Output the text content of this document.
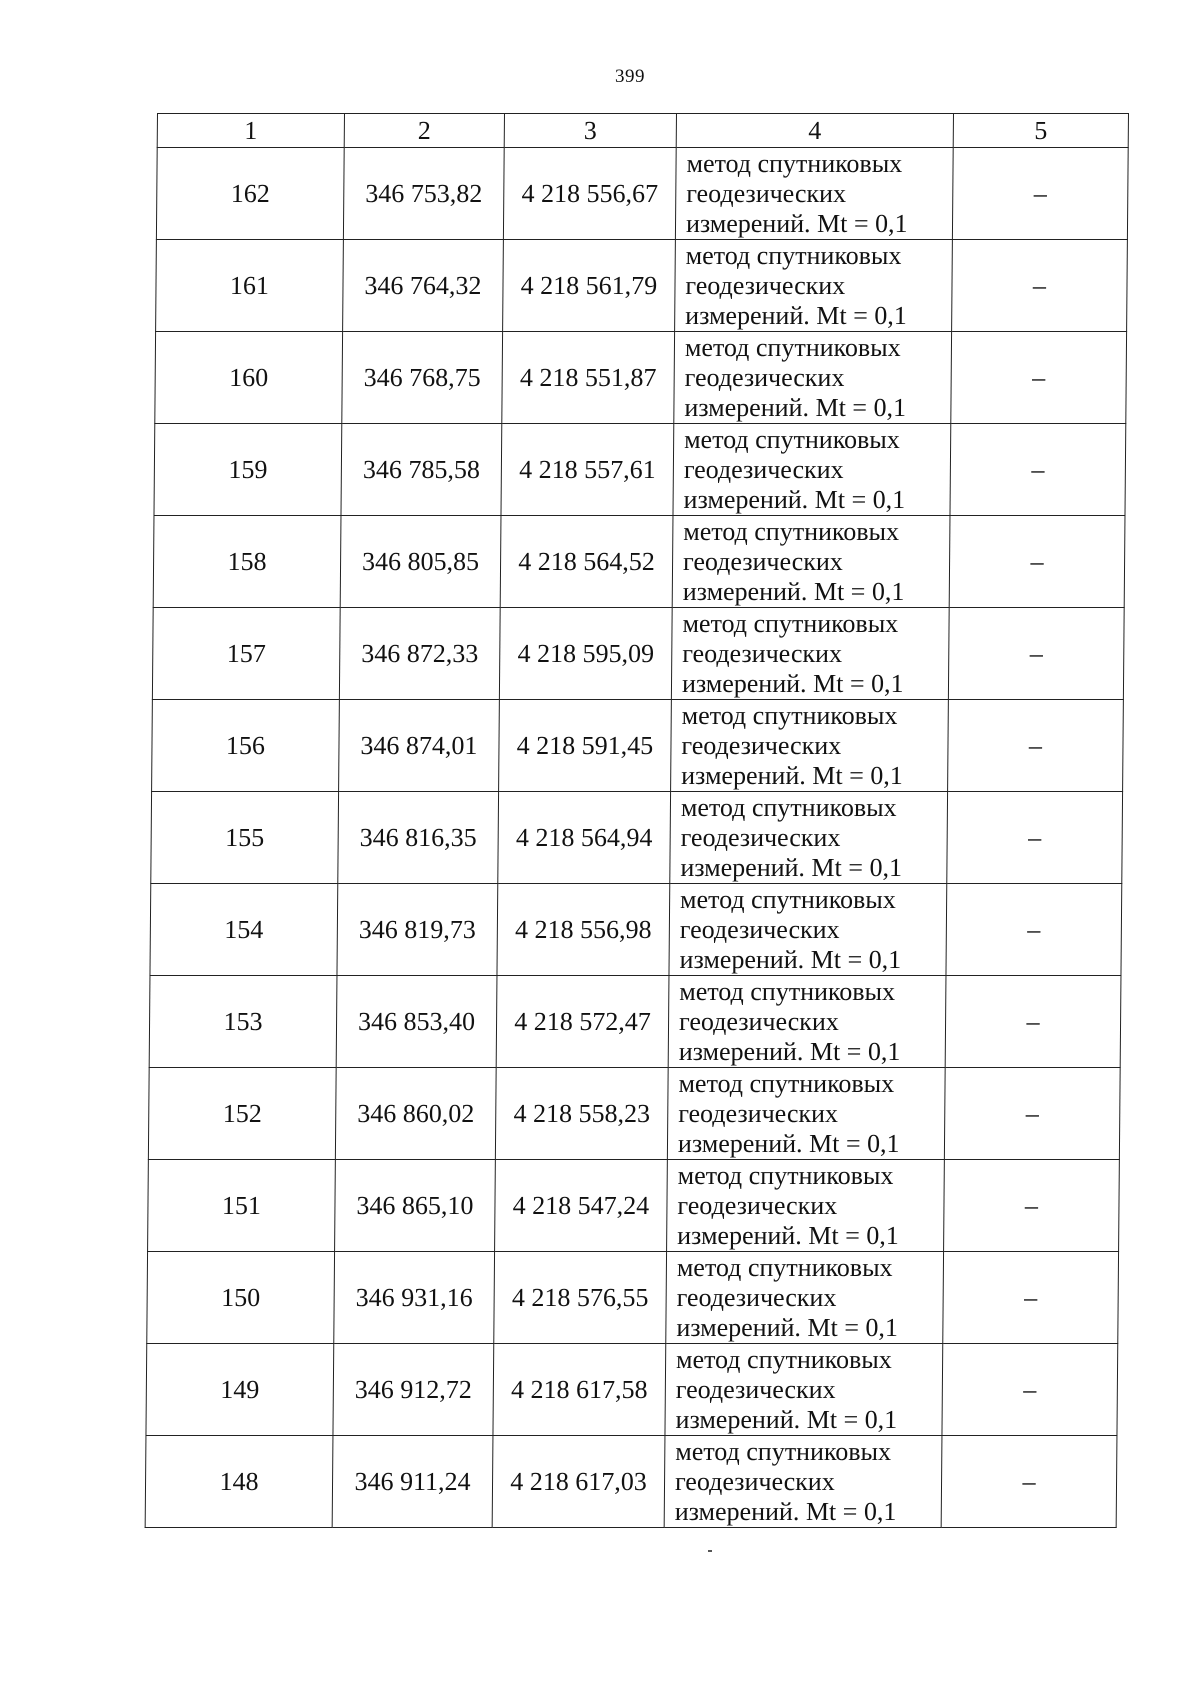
399
1	2	3	4	5
162	346 753,82	4 218 556,67	метод спутниковых
геодезических
измерений. Mt = 0,1	–
161	346 764,32	4 218 561,79	метод спутниковых
геодезических
измерений. Mt = 0,1	–
160	346 768,75	4 218 551,87	метод спутниковых
геодезических
измерений. Mt = 0,1	–
159	346 785,58	4 218 557,61	метод спутниковых
геодезических
измерений. Mt = 0,1	–
158	346 805,85	4 218 564,52	метод спутниковых
геодезических
измерений. Mt = 0,1	–
157	346 872,33	4 218 595,09	метод спутниковых
геодезических
измерений. Mt = 0,1	–
156	346 874,01	4 218 591,45	метод спутниковых
геодезических
измерений. Mt = 0,1	–
155	346 816,35	4 218 564,94	метод спутниковых
геодезических
измерений. Mt = 0,1	–
154	346 819,73	4 218 556,98	метод спутниковых
геодезических
измерений. Mt = 0,1	–
153	346 853,40	4 218 572,47	метод спутниковых
геодезических
измерений. Mt = 0,1	–
152	346 860,02	4 218 558,23	метод спутниковых
геодезических
измерений. Mt = 0,1	–
151	346 865,10	4 218 547,24	метод спутниковых
геодезических
измерений. Mt = 0,1	–
150	346 931,16	4 218 576,55	метод спутниковых
геодезических
измерений. Mt = 0,1	–
149	346 912,72	4 218 617,58	метод спутниковых
геодезических
измерений. Mt = 0,1	–
148	346 911,24	4 218 617,03	метод спутниковых
геодезических
измерений. Mt = 0,1	–
